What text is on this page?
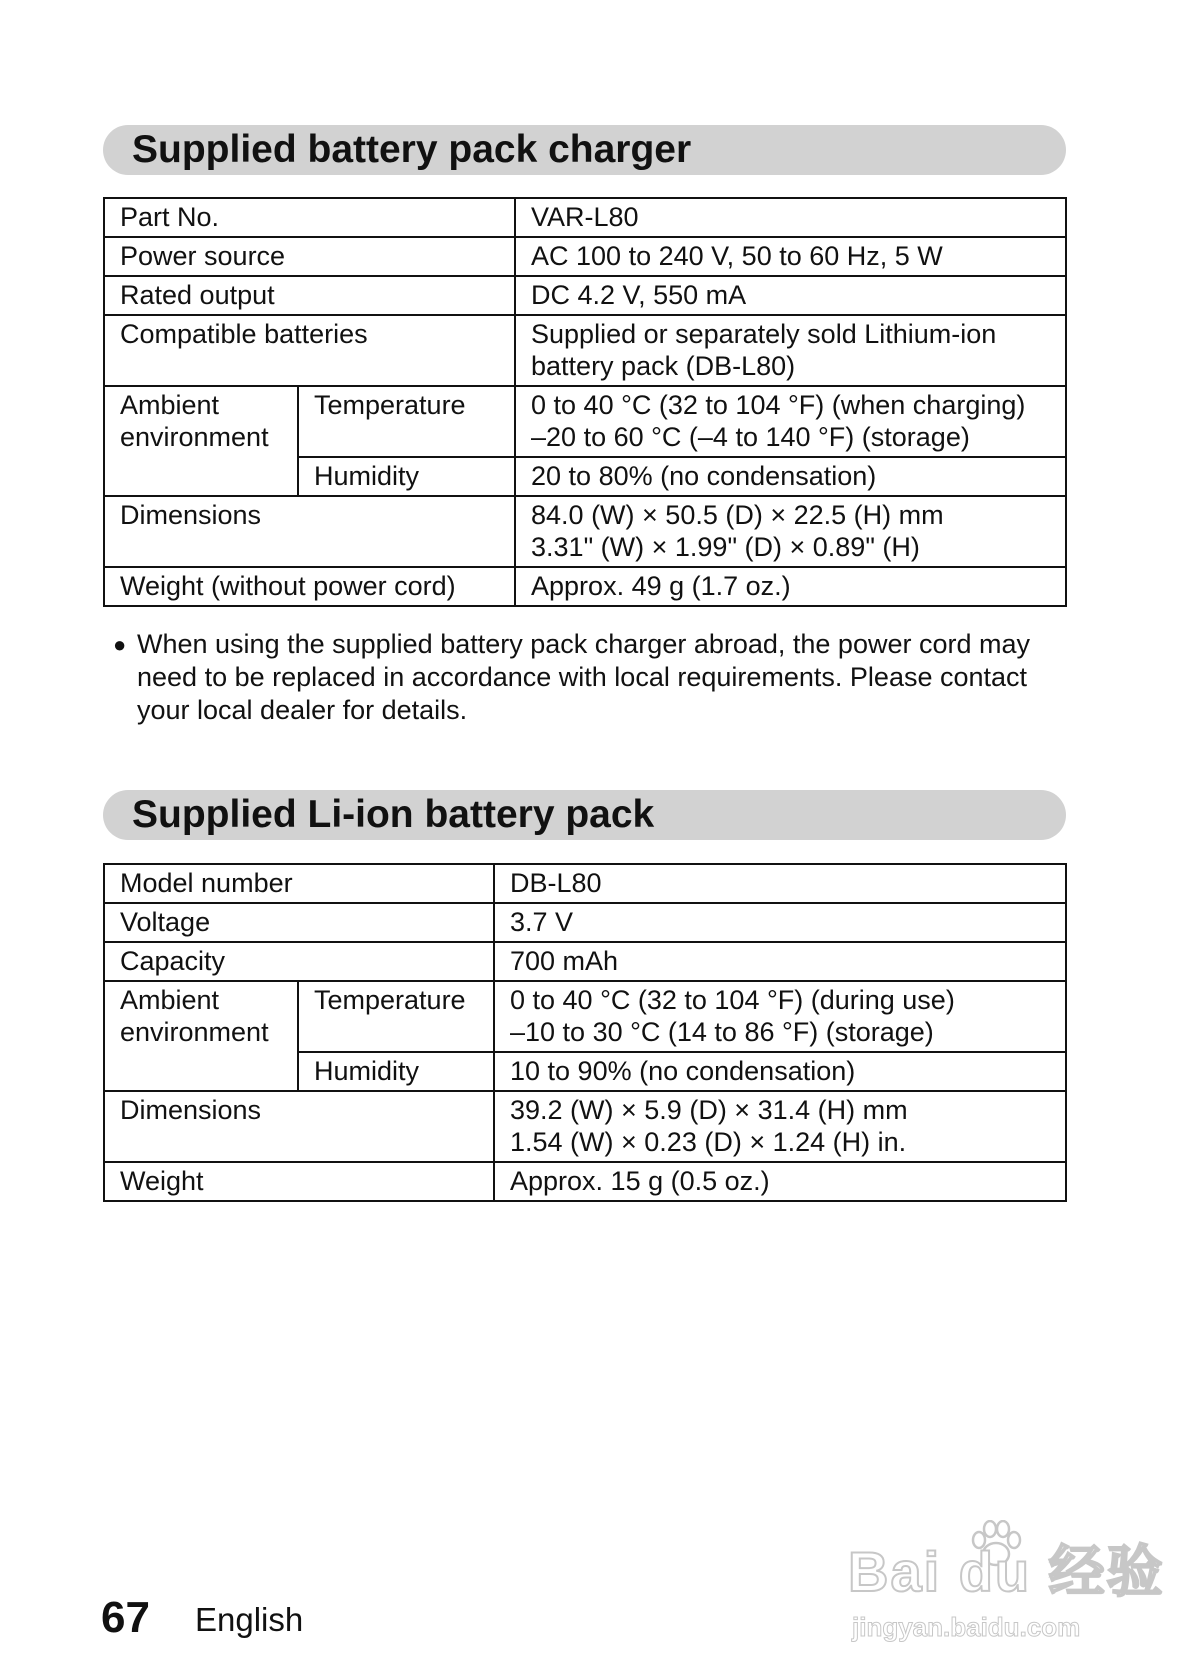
Supplied battery pack charger
Part No.		VAR-L80
Power source		AC 100 to 240 V, 50 to 60 Hz, 5 W
Rated output		DC 4.2 V, 550 mA
Compatible batteries		Supplied or separately sold Lithium-ion
battery pack (DB-L80)

Ambient environment	Temperature	0 to 40 °C (32 to 104 °F) (when charging)
–20 to 60 °C (–4 to 140 °F) (storage)

	Humidity	20 to 80% (no condensation)
Dimensions		84.0 (W) × 50.5 (D) × 22.5 (H) mm
3.31" (W) × 1.99" (D) × 0.89" (H)

Weight (without power cord)		Approx. 49 g (1.7 oz.)
● When using the supplied battery pack charger abroad, the power cord may
need to be replaced in accordance with local requirements. Please contact
your local dealer for details.
Supplied Li-ion battery pack
Model number		DB-L80
Voltage		3.7 V
Capacity		700 mAh
Ambient environment	Temperature	0 to 40 °C (32 to 104 °F) (during use)
–10 to 30 °C (14 to 86 °F) (storage)

	Humidity	10 to 90% (no condensation)
Dimensions		39.2 (W) × 5.9 (D) × 31.4 (H) mm
1.54 (W) × 0.23 (D) × 1.24 (H) in.

Weight		Approx. 15 g (0.5 oz.)
67 English
Bai du 经验
jingyan.baidu.com
